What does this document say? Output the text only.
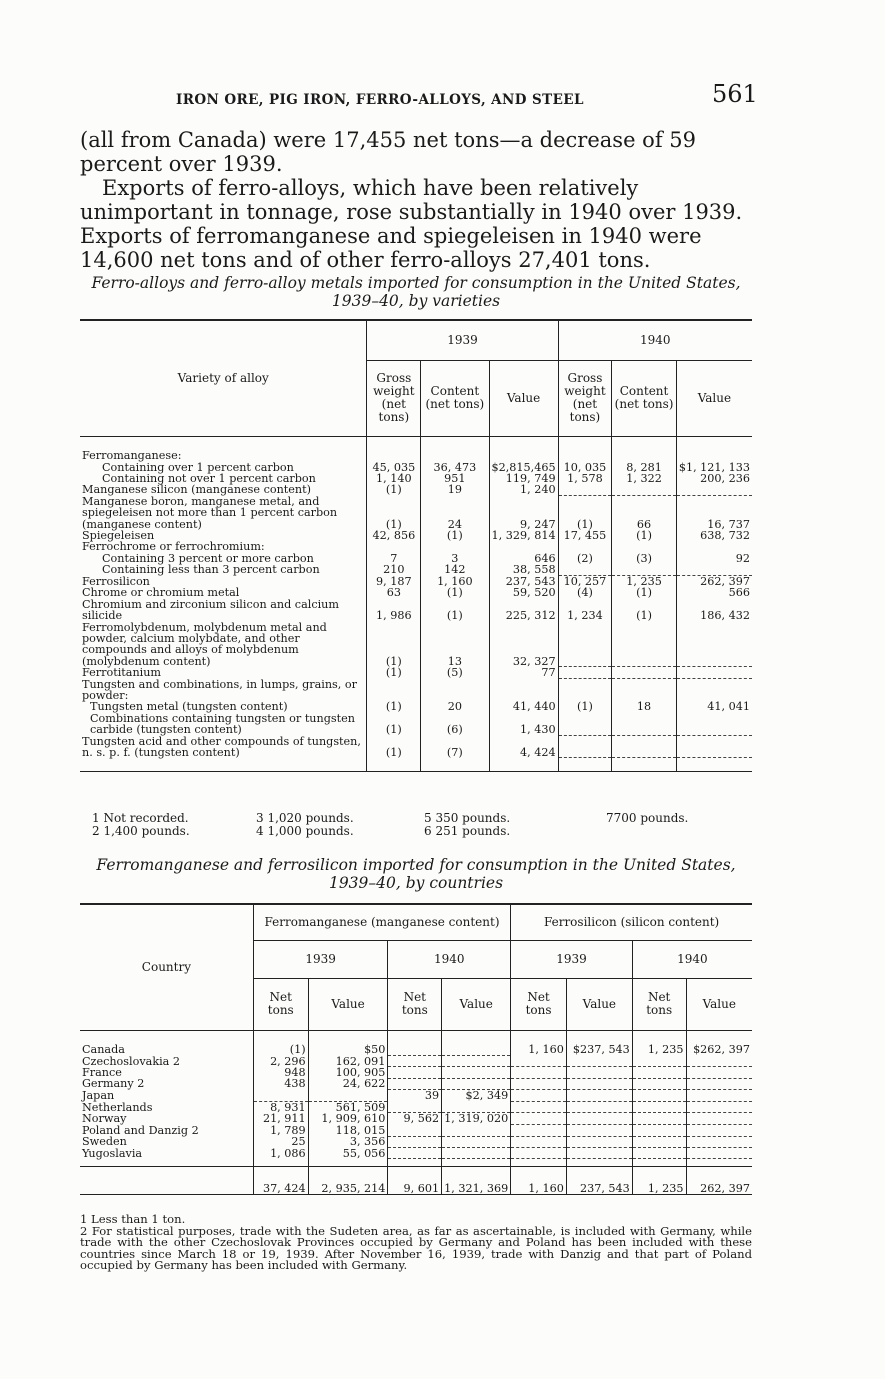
IRON ORE, PIG IRON, FERRO-ALLOYS, AND STEEL	561

(all from Canada) were 17,455 net tons—a decrease of 59 percent over 1939.

Exports of ferro-alloys, which have been relatively unimportant in tonnage, rose substantially in 1940 over 1939. Exports of ferromanganese and spiegeleisen in 1940 were 14,600 net tons and of other ferro-alloys 27,401 tons.

Ferro-alloys and ferro-alloy metals imported for consumption in the United States,
1939–40, by varieties
Variety of alloy	1939			1940		
	Gross weight (net tons)	Content (net tons)	Value	Gross weight (net tons)	Content (net tons)	Value

Ferromanganese:						
Containing over 1 percent carbon	45, 035	36, 473	$2,815,465	10, 035	8, 281	$1, 121, 133
Containing not over 1 percent carbon	1, 140	951	119, 749	1, 578	1, 322	200, 236
Manganese silicon (manganese content)	(1)	19	1, 240			
Manganese boron, manganese metal, and spiegeleisen not more than 1 percent carbon (manganese content)	(1)	24	9, 247	(1)	66	16, 737
Spiegeleisen	42, 856	(1)	1, 329, 814	17, 455	(1)	638, 732
Ferrochrome or ferrochromium:						
Containing 3 percent or more carbon	7	3	646	(2)	(3)	92
Containing less than 3 percent carbon	210	142	38, 558			
Ferrosilicon	9, 187	1, 160	237, 543	10, 257	1, 235	262, 397
Chrome or chromium metal	63	(1)	59, 520	(4)	(1)	566
Chromium and zirconium silicon and calcium silicide	1, 986	(1)	225, 312	1, 234	(1)	186, 432
Ferromolybdenum, molybdenum metal and powder, calcium molybdate, and other compounds and alloys of molybdenum (molybdenum content)	(1)	13	32, 327			
Ferrotitanium	(1)	(5)	77			
Tungsten and combinations, in lumps, grains, or powder:						
Tungsten metal (tungsten content)	(1)	20	41, 440	(1)	18	41, 041
Combinations containing tungsten or tungsten carbide (tungsten content)	(1)	(6)	1, 430			
Tungsten acid and other compounds of tungsten, n. s. p. f. (tungsten content)	(1)	(7)	4, 424			

1 Not recorded.
2 1,400 pounds.
3 1,020 pounds.
4 1,000 pounds.
5 350 pounds.
6 251 pounds.
7700 pounds.
Ferromanganese and ferrosilicon imported for consumption in the United States,
1939–40, by countries
Country	Ferromanganese (manganese content)				Ferrosilicon (silicon content)			
	1939		1940		1939		1940	
	Net tons	Value	Net tons	Value	Net tons	Value	Net tons	Value

Canada	(1)	$50			1, 160	$237, 543	1, 235	$262, 397
Czechoslovakia 2	2, 296	162, 091						
France	948	100, 905						
Germany 2	438	24, 622						
Japan			39	$2, 349				
Netherlands	8, 931	561, 509						
Norway	21, 911	1, 909, 610	9, 562	1, 319, 020				
Poland and Danzig 2	1, 789	118, 015						
Sweden	25	3, 356						
Yugoslavia	1, 086	55, 056						

	37, 424	2, 935, 214	9, 601	1, 321, 369	1, 160	237, 543	1, 235	262, 397

1 Less than 1 ton.

2 For statistical purposes, trade with the Sudeten area, as far as ascertainable, is included with Germany, while trade with the other Czechoslovak Provinces occupied by Germany and Poland has been included with these countries since March 18 or 19, 1939. After November 16, 1939, trade with Danzig and that part of Poland occupied by Germany has been included with Germany.
